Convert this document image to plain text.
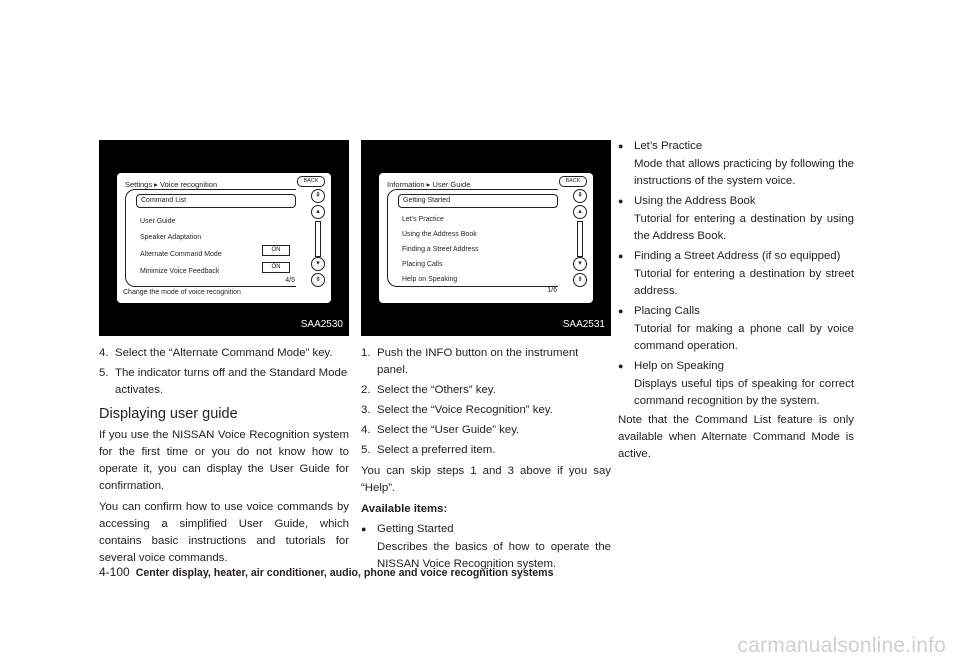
Settings ▸ Voice recognition	BACK
Command List
User Guide
Speaker Adaptation
Alternate Command Mode
ON
Minimize Voice Feedback
ON
⇞
▴
▾
⇟
4/5
Change the mode of voice recognition
SAA2530

4. Select the “Alternate Command Mode” key.

5. The indicator turns off and the Standard Mode activates.

Displaying user guide

If you use the NISSAN Voice Recognition system for the first time or you do not know how to operate it, you can display the User Guide for confirmation.

You can confirm how to use voice commands by accessing a simplified User Guide, which contains basic instructions and tutorials for several voice commands.

Information ▸ User Guide	BACK
Getting Started
Let’s Practice
Using the Address Book
Finding a Street Address
Placing Calls
Help on Speaking
⇞
▴
▾
⇟
1/6
SAA2531

1. Push the INFO button on the instrument panel.

2. Select the “Others” key.

3. Select the “Voice Recognition” key.

4. Select the “User Guide” key.

5. Select a preferred item.

You can skip steps 1 and 3 above if you say “Help”.

Available items:

● Getting Started

Describes the basics of how to operate the NISSAN Voice Recognition system.

● Let’s Practice

Mode that allows practicing by following the instructions of the system voice.

● Using the Address Book

Tutorial for entering a destination by using the Address Book.

● Finding a Street Address (if so equipped)

Tutorial for entering a destination by street address.

● Placing Calls

Tutorial for making a phone call by voice command operation.

● Help on Speaking

Displays useful tips of speaking for correct command recognition by the system.

Note that the Command List feature is only available when Alternate Command Mode is active.

4-100 Center display, heater, air conditioner, audio, phone and voice recognition systems
carmanualsonline.info
